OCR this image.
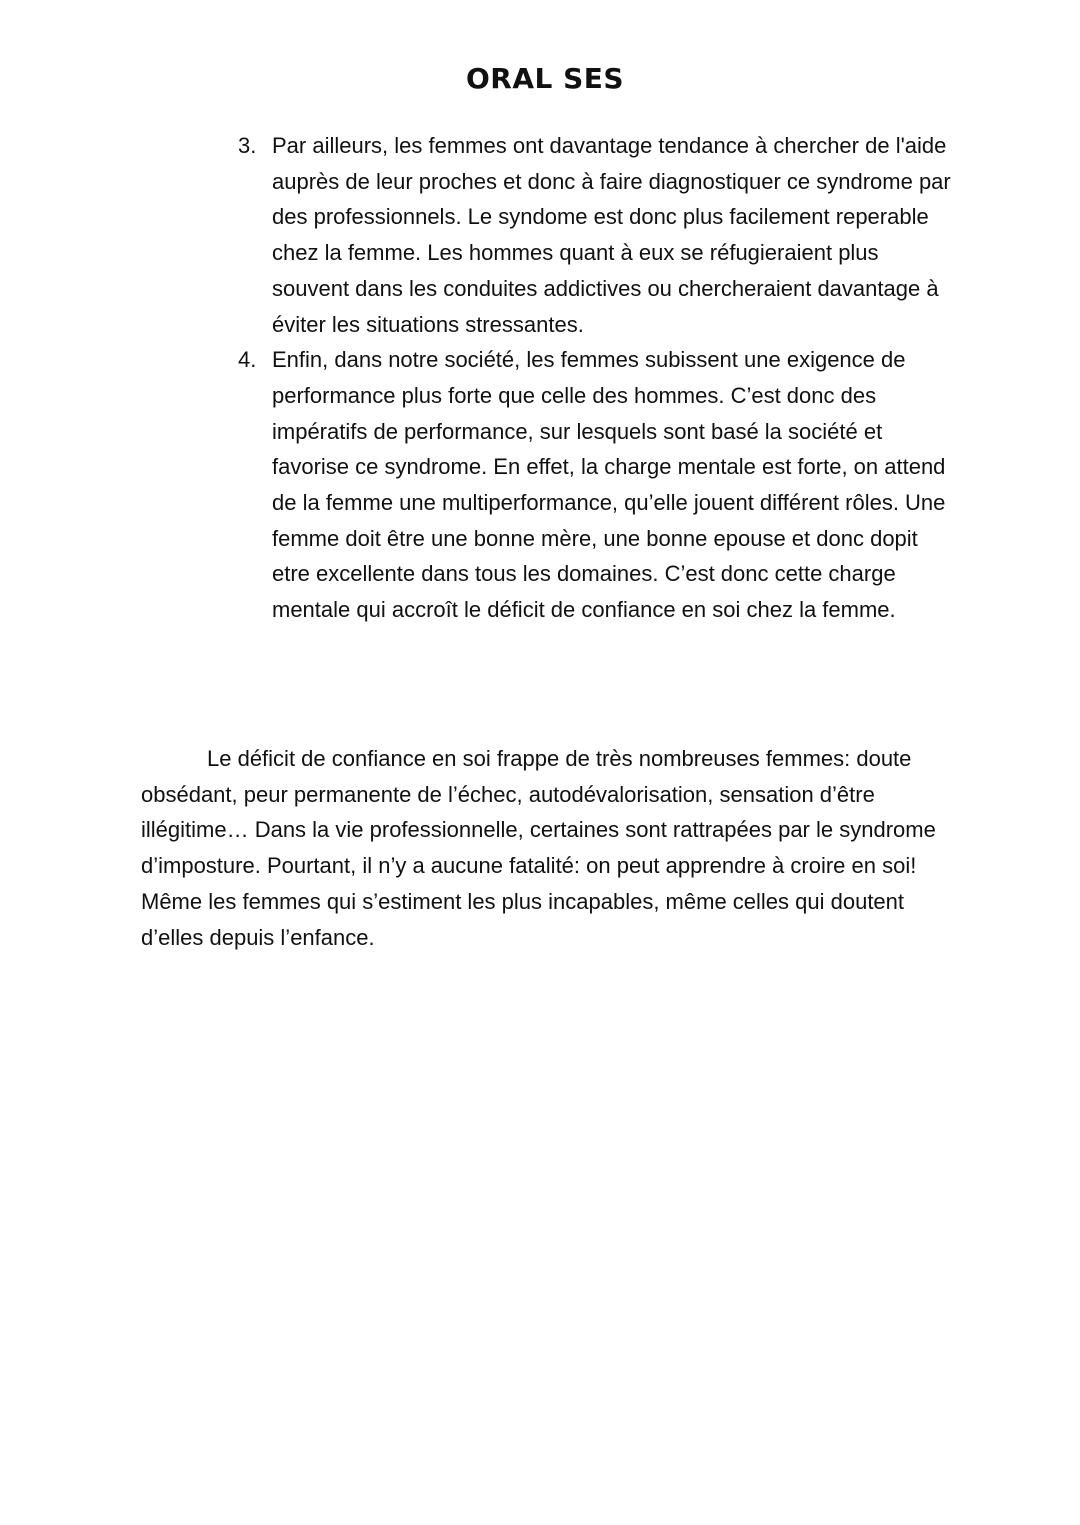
ORAL SES
3. Par ailleurs, les femmes ont davantage tendance à chercher de l'aide auprès de leur proches et donc à faire diagnostiquer ce syndrome par des professionnels. Le syndome est donc plus facilement reperable chez la femme. Les hommes quant à eux se réfugieraient plus souvent dans les conduites addictives ou chercheraient davantage à éviter les situations stressantes.
4. Enfin, dans notre société, les femmes subissent une exigence de performance plus forte que celle des hommes. C’est donc des impératifs de performance, sur lesquels sont basé la société et favorise ce syndrome. En effet, la charge mentale est forte, on attend de la femme une multiperformance, qu’elle jouent différent rôles. Une femme doit être une bonne mère, une bonne epouse et donc dopit etre excellente dans tous les domaines. C’est donc cette charge mentale qui accroît le déficit de confiance en soi chez la femme.

Le déficit de confiance en soi frappe de très nombreuses femmes: doute obsédant, peur permanente de l’échec, autodévalorisation, sensation d’être illégitime… Dans la vie professionnelle, certaines sont rattrapées par le syndrome d’imposture. Pourtant, il n’y a aucune fatalité: on peut apprendre à croire en soi! Même les femmes qui s’estiment les plus incapables, même celles qui doutent d’elles depuis l’enfance.
